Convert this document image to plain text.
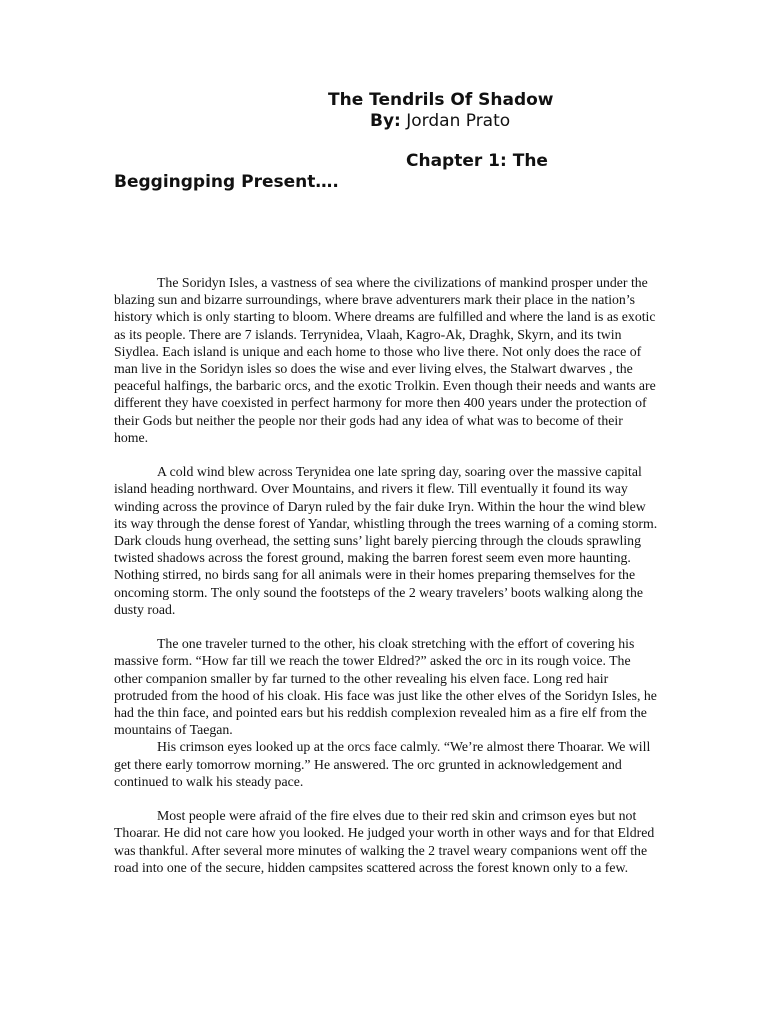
The Tendrils Of Shadow
By: Jordan Prato
Chapter 1: The Beggingping Present….

The Soridyn Isles, a vastness of sea where the civilizations of mankind prosper under the blazing sun and bizarre surroundings, where brave adventurers mark their place in the nation’s history which is only starting to bloom. Where dreams are fulfilled and where the land is as exotic as its people. There are 7 islands. Terrynidea, Vlaah, Kagro-Ak, Draghk, Skyrn, and its twin Siydlea. Each island is unique and each home to those who live there. Not only does the race of man live in the Soridyn isles so does the wise and ever living elves, the Stalwart dwarves , the peaceful halfings, the barbaric orcs, and the exotic Trolkin. Even though their needs and wants are different they have coexisted in perfect harmony for more then 400 years under the protection of their Gods but neither the people nor their gods had any idea of what was to become of their home.

A cold wind blew across Terynidea one late spring day, soaring over the massive capital island heading northward. Over Mountains, and rivers it flew. Till eventually it found its way winding across the province of Daryn ruled by the fair duke Iryn. Within the hour the wind blew its way through the dense forest of Yandar, whistling through the trees warning of a coming storm. Dark clouds hung overhead, the setting suns’ light barely piercing through the clouds sprawling twisted shadows across the forest ground, making the barren forest seem even more haunting. Nothing stirred, no birds sang for all animals were in their homes preparing themselves for the oncoming storm. The only sound the footsteps of the 2 weary travelers’ boots walking along the dusty road.

The one traveler turned to the other, his cloak stretching with the effort of covering his massive form. “How far till we reach the tower Eldred?” asked the orc in its rough voice. The other companion smaller by far turned to the other revealing his elven face. Long red hair protruded from the hood of his cloak. His face was just like the other elves of the Soridyn Isles, he had the thin face, and pointed ears but his reddish complexion revealed him as a fire elf from the mountains of Taegan.

His crimson eyes looked up at the orcs face calmly. “We’re almost there Thoarar. We will get there early tomorrow morning.” He answered. The orc grunted in acknowledgement and continued to walk his steady pace.

Most people were afraid of the fire elves due to their red skin and crimson eyes but not Thoarar. He did not care how you looked. He judged your worth in other ways and for that Eldred was thankful. After several more minutes of walking the 2 travel weary companions went off the road into one of the secure, hidden campsites scattered across the forest known only to a few.
